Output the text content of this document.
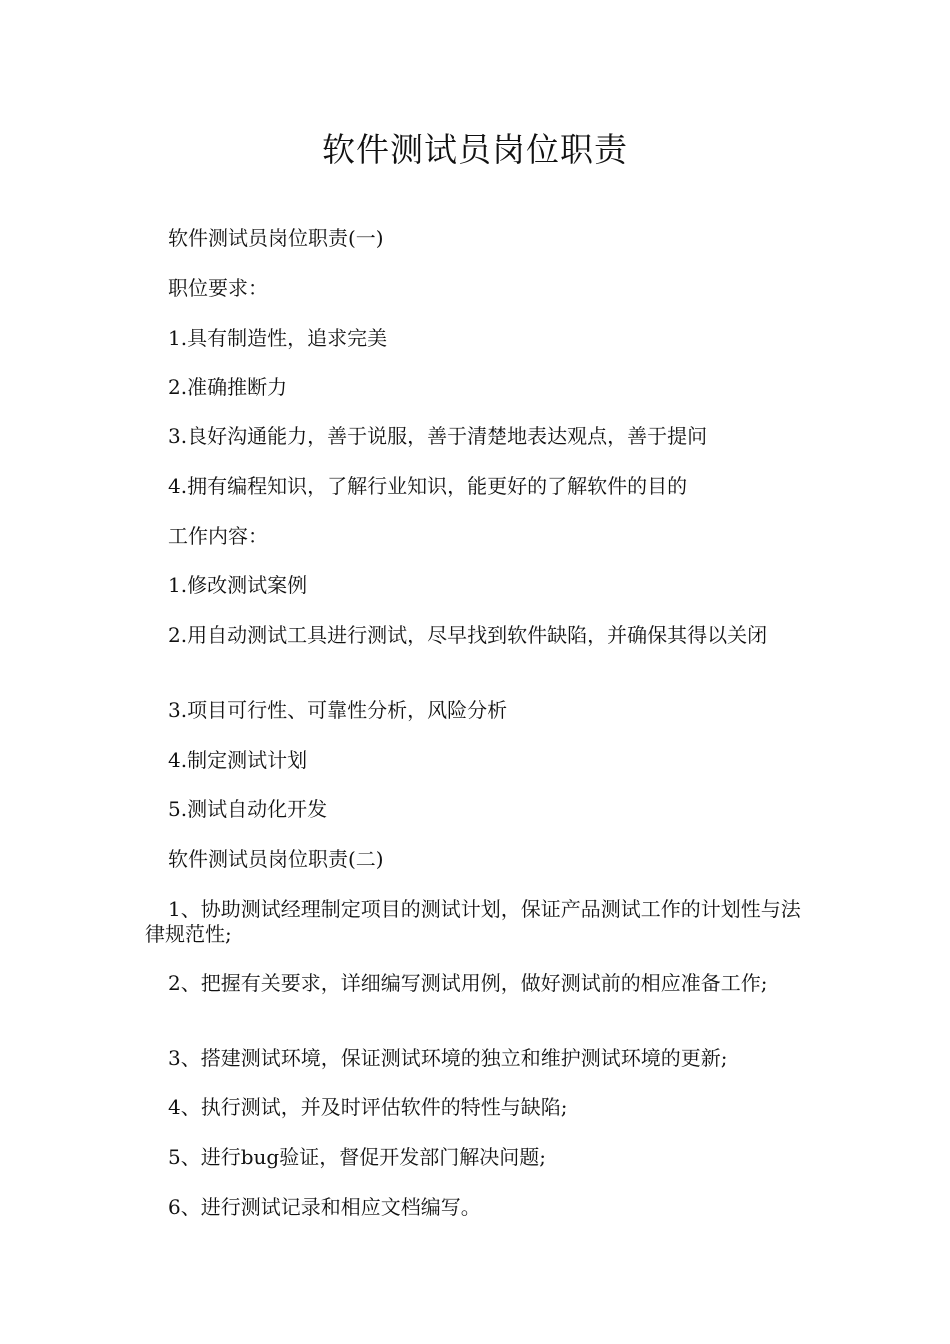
软件测试员岗位职责

软件测试员岗位职责(一)

职位要求：

1.具有制造性，追求完美

2.准确推断力

3.良好沟通能力，善于说服，善于清楚地表达观点，善于提问

4.拥有编程知识，了解行业知识，能更好的了解软件的目的

工作内容：

1.修改测试案例

2.用自动测试工具进行测试，尽早找到软件缺陷，并确保其得以关闭

3.项目可行性、可靠性分析，风险分析

4.制定测试计划

5.测试自动化开发

软件测试员岗位职责(二)

1、协助测试经理制定项目的测试计划，保证产品测试工作的计划性与法律规范性;

2、把握有关要求，详细编写测试用例，做好测试前的相应准备工作;

3、搭建测试环境，保证测试环境的独立和维护测试环境的更新;

4、执行测试，并及时评估软件的特性与缺陷;

5、进行bug验证，督促开发部门解决问题;

6、进行测试记录和相应文档编写。
